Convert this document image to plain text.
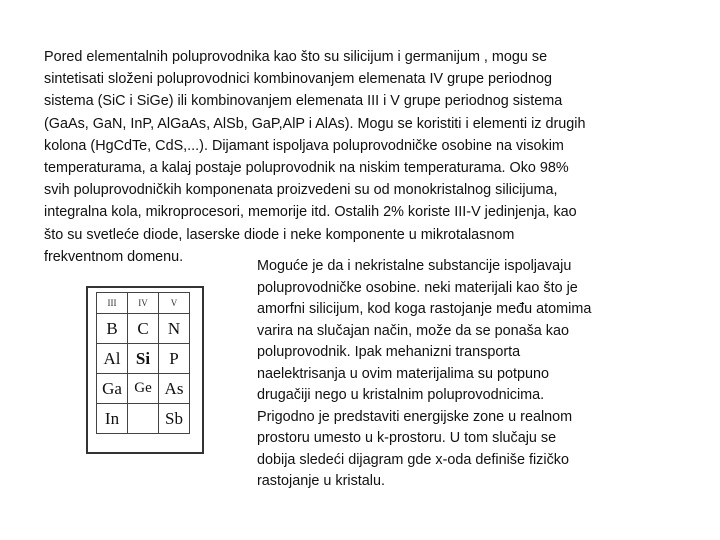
Pored elementalnih poluprovodnika kao što su silicijum i germanijum , mogu se
sintetisati složeni poluprovodnici kombinovanjem elemenata IV grupe periodnog
sistema (SiC i SiGe) ili kombinovanjem elemenata III i V grupe periodnog sistema
(GaAs, GaN, InP, AlGaAs, AlSb, GaP,AlP i AlAs). Mogu se koristiti i elementi iz drugih
kolona (HgCdTe, CdS,...). Dijamant ispoljava poluprovodničke osobine na visokim
temperaturama, a kalaj postaje poluprovodnik na niskim temperaturama. Oko 98%
svih poluprovodničkih komponenata proizvedeni su od monokristalnog silicijuma,
integralna kola, mikroprocesori, memorije itd. Ostalih 2% koriste III-V jedinjenja, kao
što su svetleće diode, laserske diode i neke komponente u mikrotalasnom
frekventnom domenu.
III	IV	V
B	C	N
Al	Si	P
Ga	Ge	As
In		Sb
Moguće je da i nekristalne substancije ispoljavaju
poluprovodničke osobine. neki materijali kao što je
amorfni silicijum, kod koga rastojanje među atomima
varira na slučajan način, može da se ponaša kao
poluprovodnik. Ipak mehanizni transporta
naelektrisanja u ovim materijalima su potpuno
drugačiji nego u kristalnim poluprovodnicima.
Prigodno je predstaviti energijske zone u realnom
prostoru umesto u k-prostoru. U tom slučaju se
dobija sledeći dijagram gde x-oda definiše fizičko
rastojanje u kristalu.
